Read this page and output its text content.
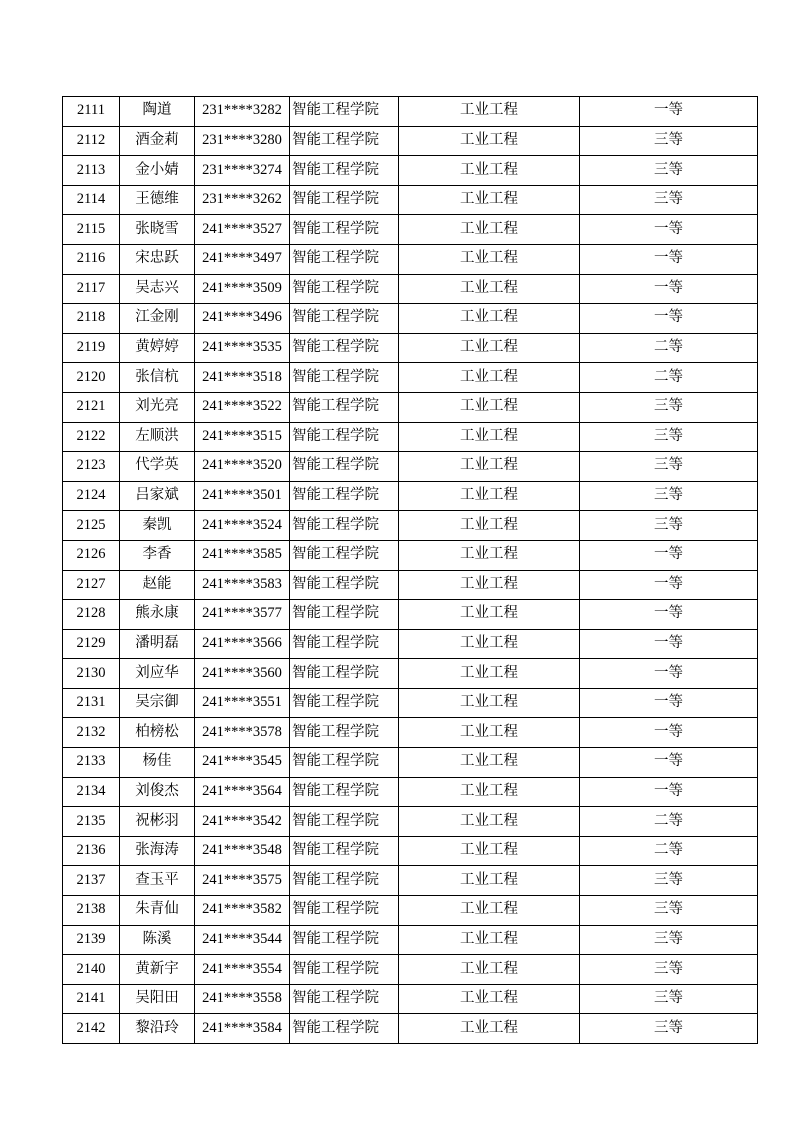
2111	陶道	231****3282	智能工程学院	工业工程	一等
2112	酒金莉	231****3280	智能工程学院	工业工程	三等
2113	金小婧	231****3274	智能工程学院	工业工程	三等
2114	王德维	231****3262	智能工程学院	工业工程	三等
2115	张晓雪	241****3527	智能工程学院	工业工程	一等
2116	宋忠跃	241****3497	智能工程学院	工业工程	一等
2117	吴志兴	241****3509	智能工程学院	工业工程	一等
2118	江金刚	241****3496	智能工程学院	工业工程	一等
2119	黄婷婷	241****3535	智能工程学院	工业工程	二等
2120	张信杭	241****3518	智能工程学院	工业工程	二等
2121	刘光亮	241****3522	智能工程学院	工业工程	三等
2122	左顺洪	241****3515	智能工程学院	工业工程	三等
2123	代学英	241****3520	智能工程学院	工业工程	三等
2124	吕家斌	241****3501	智能工程学院	工业工程	三等
2125	秦凯	241****3524	智能工程学院	工业工程	三等
2126	李香	241****3585	智能工程学院	工业工程	一等
2127	赵能	241****3583	智能工程学院	工业工程	一等
2128	熊永康	241****3577	智能工程学院	工业工程	一等
2129	潘明磊	241****3566	智能工程学院	工业工程	一等
2130	刘应华	241****3560	智能工程学院	工业工程	一等
2131	吴宗御	241****3551	智能工程学院	工业工程	一等
2132	柏榜松	241****3578	智能工程学院	工业工程	一等
2133	杨佳	241****3545	智能工程学院	工业工程	一等
2134	刘俊杰	241****3564	智能工程学院	工业工程	一等
2135	祝彬羽	241****3542	智能工程学院	工业工程	二等
2136	张海涛	241****3548	智能工程学院	工业工程	二等
2137	查玉平	241****3575	智能工程学院	工业工程	三等
2138	朱青仙	241****3582	智能工程学院	工业工程	三等
2139	陈溪	241****3544	智能工程学院	工业工程	三等
2140	黄新宇	241****3554	智能工程学院	工业工程	三等
2141	吴阳田	241****3558	智能工程学院	工业工程	三等
2142	黎沿玲	241****3584	智能工程学院	工业工程	三等
